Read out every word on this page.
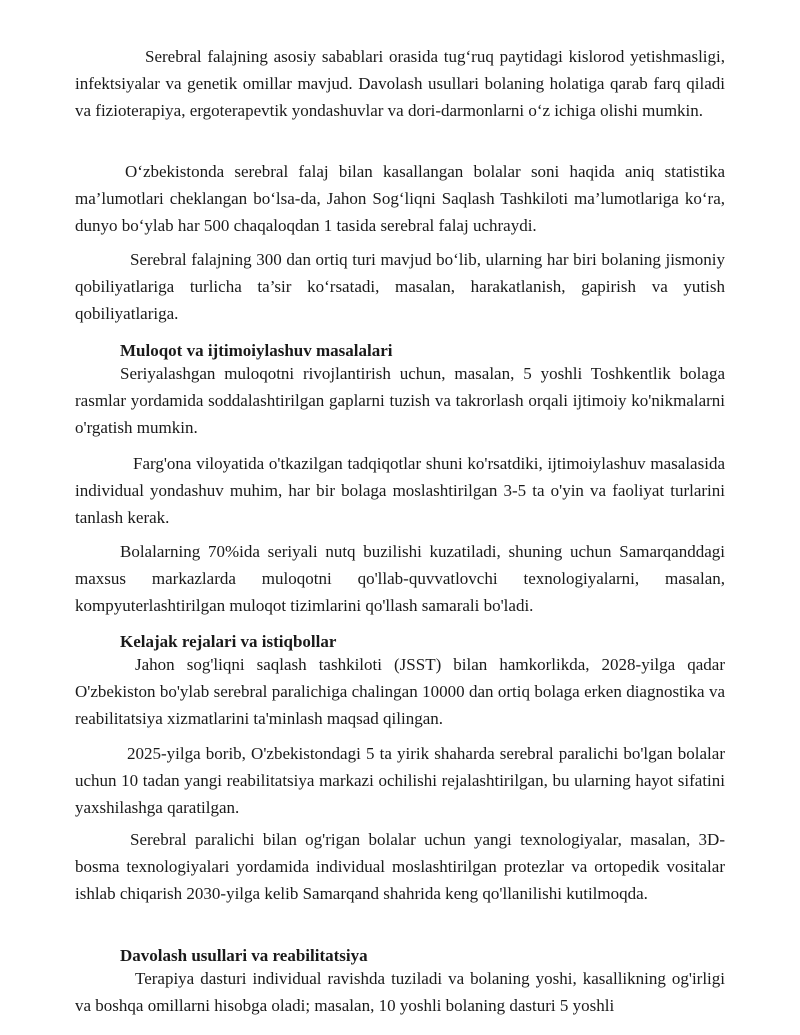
Serebral falajning asosiy sabablari orasida tug‘ruq paytidagi kislorod yetishmasligi, infektsiyalar va genetik omillar mavjud. Davolash usullari bolaning holatiga qarab farq qiladi va fizioterapiya, ergoterapevtik yondashuvlar va dori-darmonlarni o‘z ichiga olishi mumkin.

O‘zbekistonda serebral falaj bilan kasallangan bolalar soni haqida aniq statistika ma’lumotlari cheklangan bo‘lsa-da, Jahon Sog‘liqni Saqlash Tashkiloti ma’lumotlariga ko‘ra, dunyo bo‘ylab har 500 chaqaloqdan 1 tasida serebral falaj uchraydi.

Serebral falajning 300 dan ortiq turi mavjud bo‘lib, ularning har biri bolaning jismoniy qobiliyatlariga turlicha ta’sir ko‘rsatadi, masalan, harakatlanish, gapirish va yutish qobiliyatlariga.

Muloqot va ijtimoiylashuv masalalari

Seriyalashgan muloqotni rivojlantirish uchun, masalan, 5 yoshli Toshkentlik bolaga rasmlar yordamida soddalashtirilgan gaplarni tuzish va takrorlash orqali ijtimoiy ko'nikmalarni o'rgatish mumkin.

Farg'ona viloyatida o'tkazilgan tadqiqotlar shuni ko'rsatdiki, ijtimoiylashuv masalasida individual yondashuv muhim, har bir bolaga moslashtirilgan 3-5 ta o'yin va faoliyat turlarini tanlash kerak.

Bolalarning 70%ida seriyali nutq buzilishi kuzatiladi, shuning uchun Samarqanddagi maxsus markazlarda muloqotni qo'llab-quvvatlovchi texnologiyalarni, masalan, kompyuterlashtirilgan muloqot tizimlarini qo'llash samarali bo'ladi.

Kelajak rejalari va istiqbollar

Jahon sog'liqni saqlash tashkiloti (JSST) bilan hamkorlikda, 2028-yilga qadar O'zbekiston bo'ylab serebral paralichiga chalingan 10000 dan ortiq bolaga erken diagnostika va reabilitatsiya xizmatlarini ta'minlash maqsad qilingan.

2025-yilga borib, O'zbekistondagi 5 ta yirik shaharda serebral paralichi bo'lgan bolalar uchun 10 tadan yangi reabilitatsiya markazi ochilishi rejalashtirilgan, bu ularning hayot sifatini yaxshilashga qaratilgan.

Serebral paralichi bilan og'rigan bolalar uchun yangi texnologiyalar, masalan, 3D-bosma texnologiyalari yordamida individual moslashtirilgan protezlar va ortopedik vositalar ishlab chiqarish 2030-yilga kelib Samarqand shahrida keng qo'llanilishi kutilmoqda.

Davolash usullari va reabilitatsiya

Terapiya dasturi individual ravishda tuziladi va bolaning yoshi, kasallikning og'irligi va boshqa omillarni hisobga oladi; masalan, 10 yoshli bolaning dasturi 5 yoshli
